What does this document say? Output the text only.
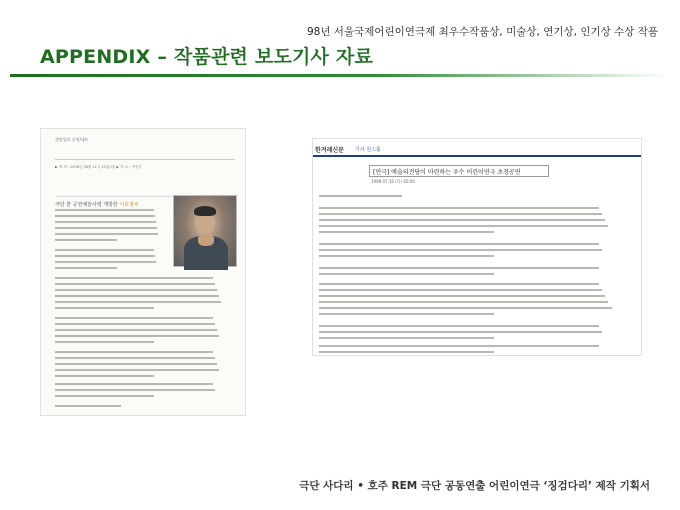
98년 서울국제어린이연극제 최우수작품상, 미술상, 연기상, 인기상 수상 작품
APPENDIX – 작품관련 보도기사 자료
정암일보 공연/네트
▶ 게 재 : 2008년 08월 11일 20일(화) ▶ 자 료 : 정영식
극단 한 공연예술사령 개방한 이호영씨
한겨레신문 기사 원스톱
[연극] 예술의전당이 마련하는 우수 어린이연극 초청공연
1999.07.16 (목) 00:00
극단 사다리 • 호주 REM 극단 공동연출 어린이연극 ‘징검다리’ 제작 기획서
